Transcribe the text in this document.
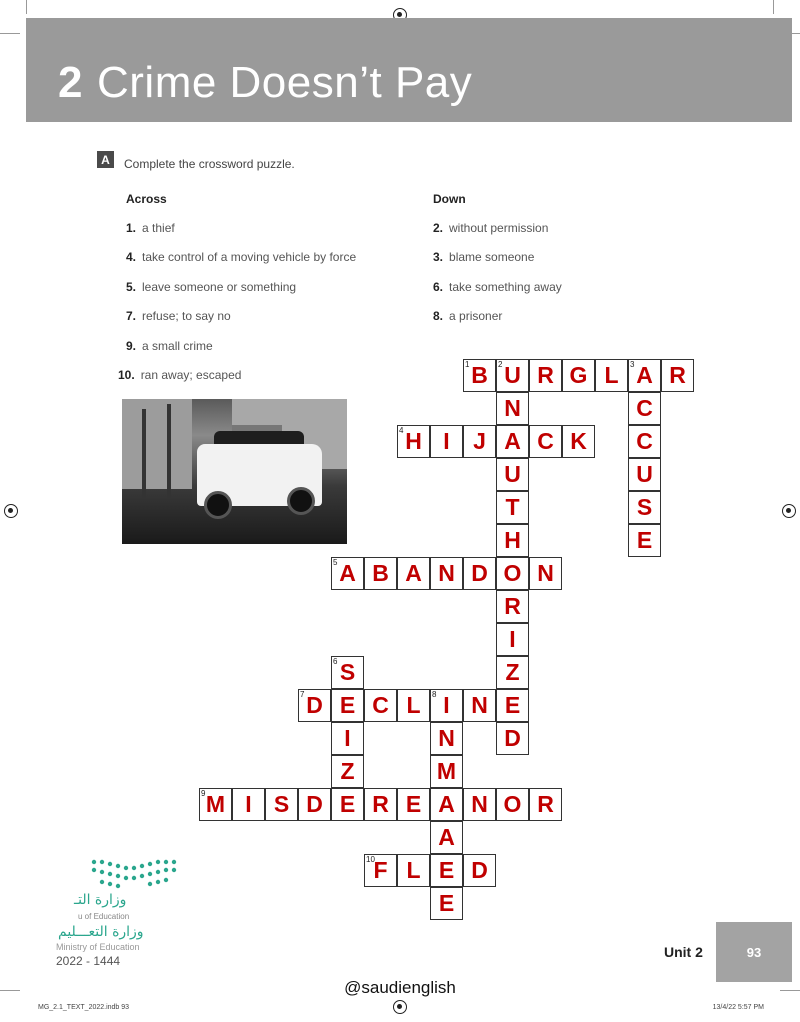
2 Crime Doesn’t Pay
A	Complete the crossword puzzle.
Across	Down
1. a thief
4. take control of a moving vehicle by force
5. leave someone or something
7. refuse; to say no
9. a small crime
10. ran away; escaped
2. without permission
3. blame someone
6. take something away
8. a prisoner
B
1 U
2 R G L A
3 R
H
4 I J A C K
A
5 B A N D O N
D
7 E C L I
8 N E
M
9 I S D E R E A N O R
F
10 L E D
N
U
T
H
R
I
Z
D
C
C
U
S
E
S
6
I
Z
N
M
A
E
وزارة التـ
u of Education
وزارة التعـــليم
Ministry of Education
2022 - 1444
Unit 2	93
@saudienglish
MG_2.1_TEXT_2022.indb 93	13/4/22 5:57 PM
